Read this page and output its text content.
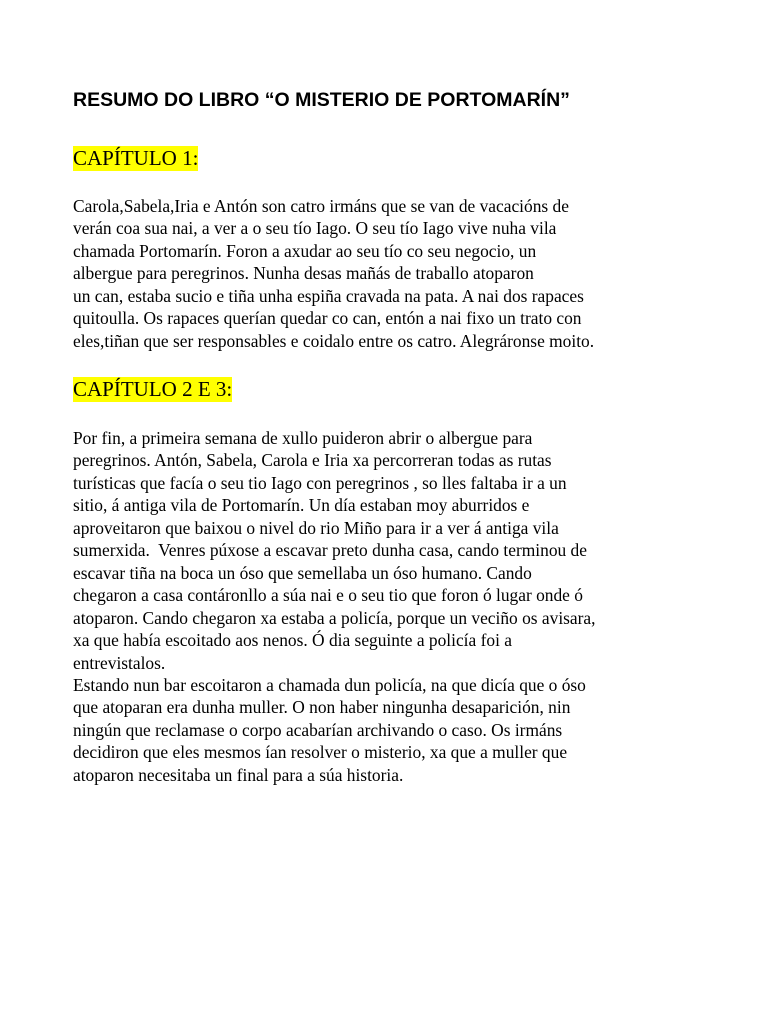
RESUMO DO LIBRO “O MISTERIO DE PORTOMARÍN”
CAPÍTULO 1:

Carola,Sabela,Iria e Antón son catro irmáns que se van de vacacións de
verán coa sua nai, a ver a o seu tío Iago. O seu tío Iago vive nuha vila
chamada Portomarín. Foron a axudar ao seu tío co seu negocio, un
albergue para peregrinos. Nunha desas mañás de traballo atoparon
un can, estaba sucio e tiña unha espiña cravada na pata. A nai dos rapaces
quitoulla. Os rapaces querían quedar co can, entón a nai fixo un trato con
eles,tiñan que ser responsables e coidalo entre os catro. Alegráronse moito.

CAPÍTULO 2 E 3:

Por fin, a primeira semana de xullo puideron abrir o albergue para
peregrinos. Antón, Sabela, Carola e Iria xa percorreran todas as rutas
turísticas que facía o seu tio Iago con peregrinos , so lles faltaba ir a un
sitio, á antiga vila de Portomarín. Un día estaban moy aburridos e
aproveitaron que baixou o nivel do rio Miño para ir a ver á antiga vila
sumerxida.  Venres púxose a escavar preto dunha casa, cando terminou de
escavar tiña na boca un óso que semellaba un óso humano. Cando
chegaron a casa contáronllo a súa nai e o seu tio que foron ó lugar onde ó
atoparon. Cando chegaron xa estaba a policía, porque un veciño os avisara,
xa que había escoitado aos nenos. Ó dia seguinte a policía foi a
entrevistalos.

Estando nun bar escoitaron a chamada dun policía, na que dicía que o óso
que atoparan era dunha muller. O non haber ningunha desaparición, nin
ningún que reclamase o corpo acabarían archivando o caso. Os irmáns
decidiron que eles mesmos ían resolver o misterio, xa que a muller que
atoparon necesitaba un final para a súa historia.
